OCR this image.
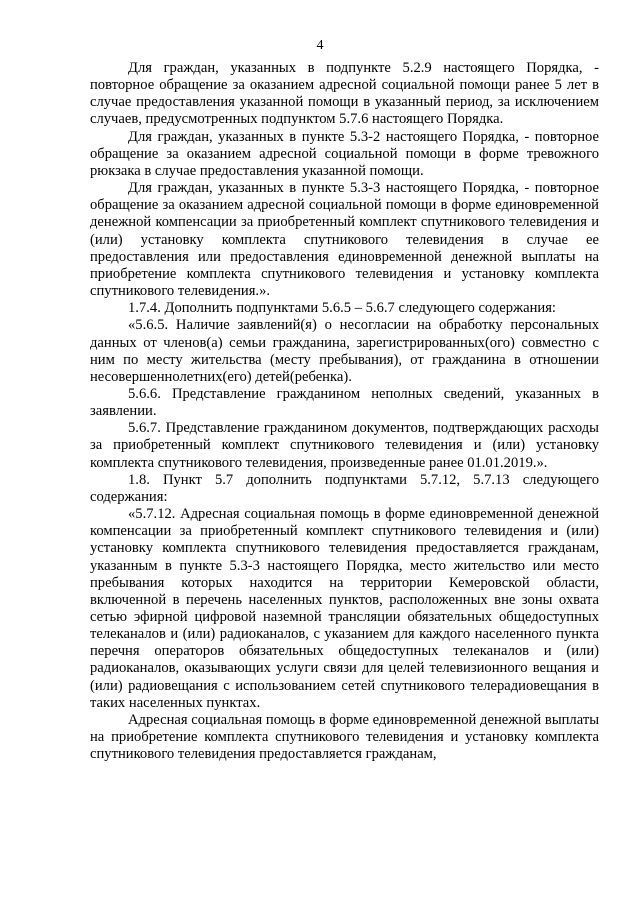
4

Для граждан, указанных в подпункте 5.2.9 настоящего Порядка, - повторное обращение за оказанием адресной социальной помощи ранее 5 лет в случае предоставления указанной помощи в указанный период, за исключением случаев, предусмотренных подпунктом 5.7.6 настоящего Порядка.

Для граждан, указанных в пункте 5.3-2 настоящего Порядка, - повторное обращение за оказанием адресной социальной помощи в форме тревожного рюкзака в случае предоставления указанной помощи.

Для граждан, указанных в пункте 5.3-3 настоящего Порядка, - повторное обращение за оказанием адресной социальной помощи в форме единовременной денежной компенсации за приобретенный комплект спутникового телевидения и (или) установку комплекта спутникового телевидения в случае ее предоставления или предоставления единовременной денежной выплаты на приобретение комплекта спутникового телевидения и установку комплекта спутникового телевидения.».

1.7.4. Дополнить подпунктами 5.6.5 – 5.6.7 следующего содержания:

«5.6.5. Наличие заявлений(я) о несогласии на обработку персональных данных от членов(а) семьи гражданина, зарегистрированных(ого) совместно с ним по месту жительства (месту пребывания), от гражданина в отношении несовершеннолетних(его) детей(ребенка).

5.6.6. Представление гражданином неполных сведений, указанных в заявлении.

5.6.7. Представление гражданином документов, подтверждающих расходы за приобретенный комплект спутникового телевидения и (или) установку комплекта спутникового телевидения, произведенные ранее 01.01.2019.».

1.8. Пункт 5.7 дополнить подпунктами 5.7.12, 5.7.13 следующего содержания:

«5.7.12. Адресная социальная помощь в форме единовременной денежной компенсации за приобретенный комплект спутникового телевидения и (или) установку комплекта спутникового телевидения предоставляется гражданам, указанным в пункте 5.3-3 настоящего Порядка, место жительство или место пребывания которых находится на территории Кемеровской области, включенной в перечень населенных пунктов, расположенных вне зоны охвата сетью эфирной цифровой наземной трансляции обязательных общедоступных телеканалов и (или) радиоканалов, с указанием для каждого населенного пункта перечня операторов обязательных общедоступных телеканалов и (или) радиоканалов, оказывающих услуги связи для целей телевизионного вещания и (или) радиовещания с использованием сетей спутникового телерадиовещания в таких населенных пунктах.

Адресная социальная помощь в форме единовременной денежной выплаты на приобретение комплекта спутникового телевидения и установку комплекта спутникового телевидения предоставляется гражданам,
